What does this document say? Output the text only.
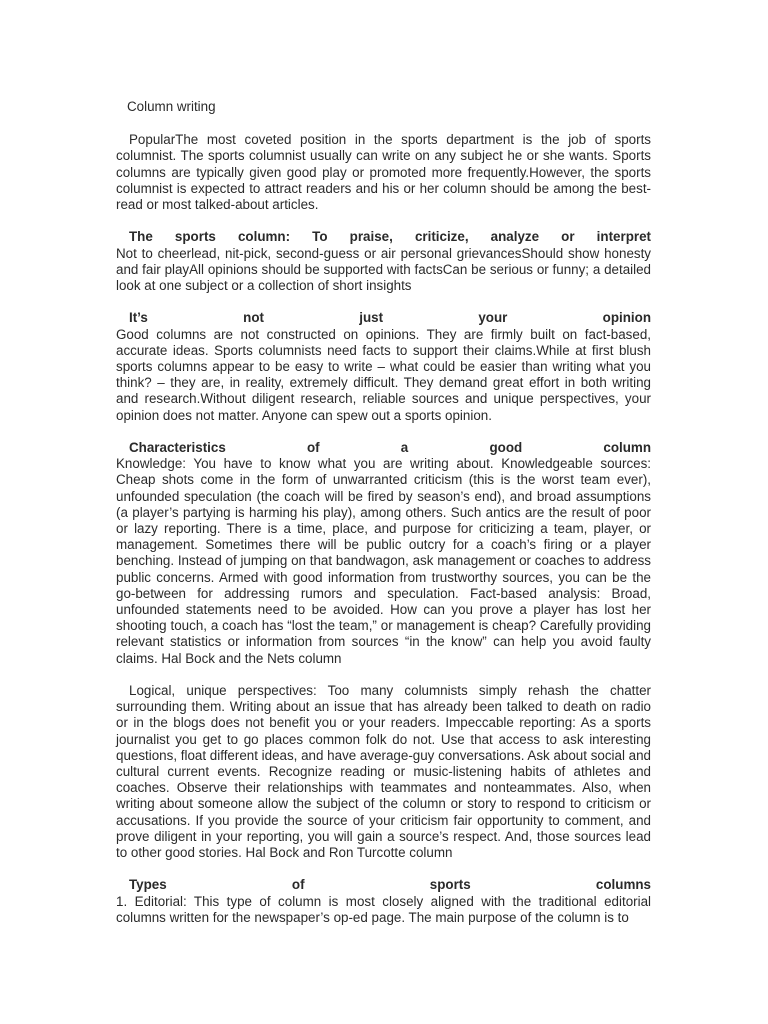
Column writing

PopularThe most coveted position in the sports department is the job of sports columnist. The sports columnist usually can write on any subject he or she wants. Sports columns are typically given good play or promoted more frequently.However, the sports columnist is expected to attract readers and his or her column should be among the best-read or most talked-about articles.

The sports column: To praise, criticize, analyze or interpret

Not to cheerlead, nit-pick, second-guess or air personal grievancesShould show honesty and fair playAll opinions should be supported with factsCan be serious or funny; a detailed look at one subject or a collection of short insights

It’s not just your opinion

Good columns are not constructed on opinions. They are firmly built on fact-based, accurate ideas. Sports columnists need facts to support their claims.While at first blush sports columns appear to be easy to write – what could be easier than writing what you think? – they are, in reality, extremely difficult. They demand great effort in both writing and research.Without diligent research, reliable sources and unique perspectives, your opinion does not matter. Anyone can spew out a sports opinion.

Characteristics of a good column

Knowledge: You have to know what you are writing about. Knowledgeable sources: Cheap shots come in the form of unwarranted criticism (this is the worst team ever), unfounded speculation (the coach will be fired by season’s end), and broad assumptions (a player’s partying is harming his play), among others. Such antics are the result of poor or lazy reporting. There is a time, place, and purpose for criticizing a team, player, or management. Sometimes there will be public outcry for a coach’s firing or a player benching. Instead of jumping on that bandwagon, ask management or coaches to address public concerns. Armed with good information from trustworthy sources, you can be the go-between for addressing rumors and speculation. Fact-based analysis: Broad, unfounded statements need to be avoided. How can you prove a player has lost her shooting touch, a coach has “lost the team,” or management is cheap? Carefully providing relevant statistics or information from sources “in the know” can help you avoid faulty claims. Hal Bock and the Nets column

Logical, unique perspectives: Too many columnists simply rehash the chatter surrounding them. Writing about an issue that has already been talked to death on radio or in the blogs does not benefit you or your readers. Impeccable reporting: As a sports journalist you get to go places common folk do not. Use that access to ask interesting questions, float different ideas, and have average-guy conversations. Ask about social and cultural current events. Recognize reading or music-listening habits of athletes and coaches. Observe their relationships with teammates and nonteammates. Also, when writing about someone allow the subject of the column or story to respond to criticism or accusations. If you provide the source of your criticism fair opportunity to comment, and prove diligent in your reporting, you will gain a source’s respect. And, those sources lead to other good stories. Hal Bock and Ron Turcotte column

Types of sports columns

1. Editorial: This type of column is most closely aligned with the traditional editorial columns written for the newspaper’s op-ed page. The main purpose of the column is to
